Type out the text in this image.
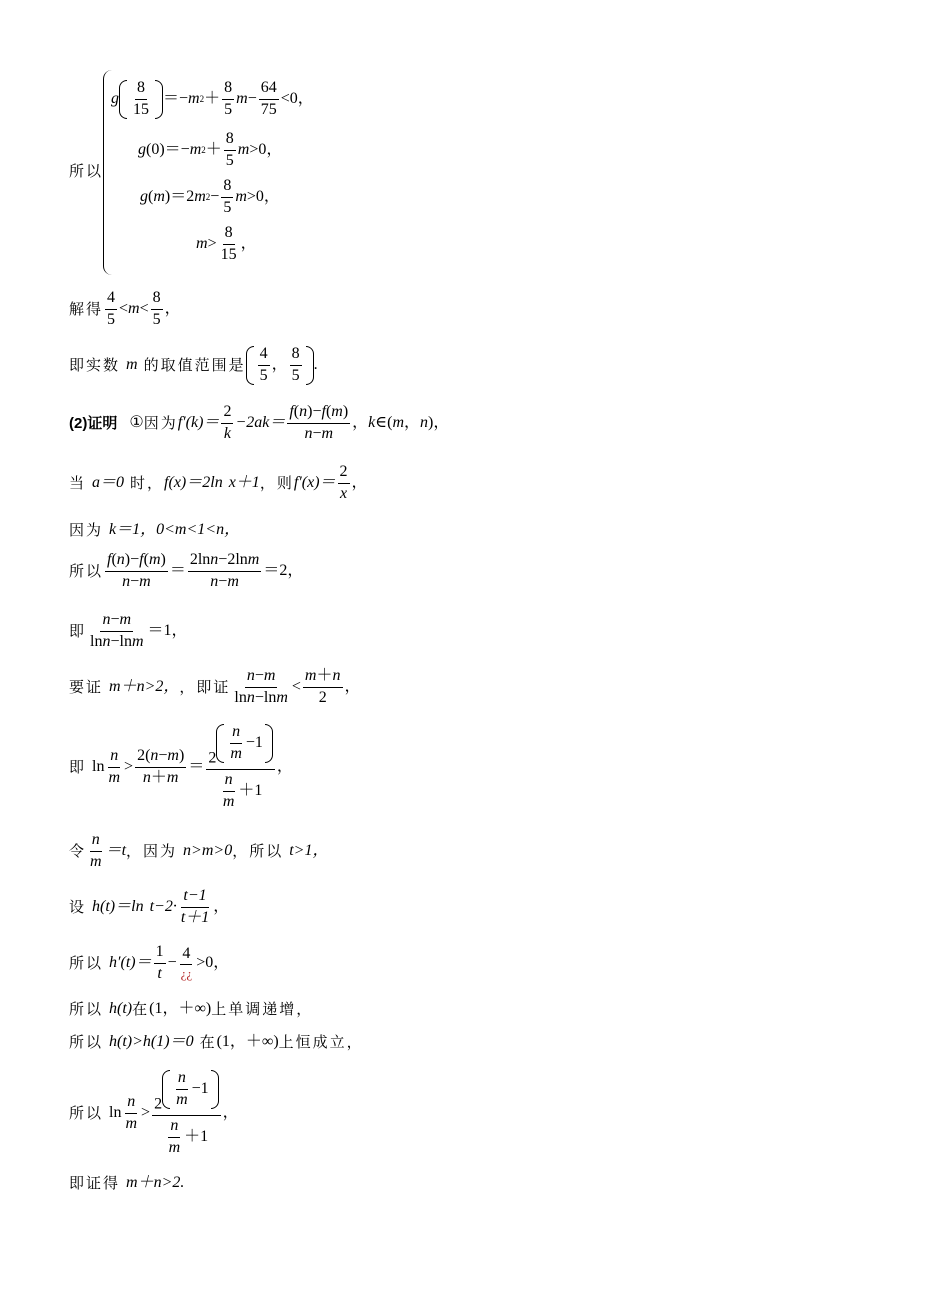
所以
g
8
15
＝ − m 2 ＋
8
5
$m - \frac{64}{75} <0$，
g ( 0 ) ＝ − m 2 ＋
8
5
m >0，
g ( m ) ＝ 2 m $2 - \frac{8}{5}$ m >0，
m >
8
15
，
解得
4
5
< m <
8
5
，
即实数 m 的取值范围是
4
5
，
8
5
.
(2) 证明 ① 因为 f′(k)＝
2
k
−2ak＝
f(n)−f(m)
n−m
， k ∈( m ， n ) ，
当 a＝0 时， f(x)＝2ln x＋1 ，则 f′(x)＝
2
x
，
因为 k＝1，0<m<1<n，
所以
f(n)−f(m)
n−m
＝
2lnn−2lnm
n−m
＝2，
即
n−m
lnn−lnm
＝1，
要证 m＋n>2， ，即证
n−m
lnn−lnm
<
m＋n
2
，
即 ln
n
m
>
2(n−m)
n＋m
＝
2
n
m
−1
$\frac{n}{m} +1$
，
令
n
m
＝t ，因为 n>m>0 ，所以 t>1，
设 h(t)＝ln t−2·
t−1
t＋1
，
所以 h′(t)＝
1
t
−
4
¿¿
>0，
所以 h(t) 在 (1，＋∞) 上单调递增，
所以 h(t)>h(1)＝0 在 (1，＋∞) 上恒成立，
所以 ln
n
m
>
2
n
m
−1
$\frac{n}{m} +1$
，
即证得 m＋n>2.
